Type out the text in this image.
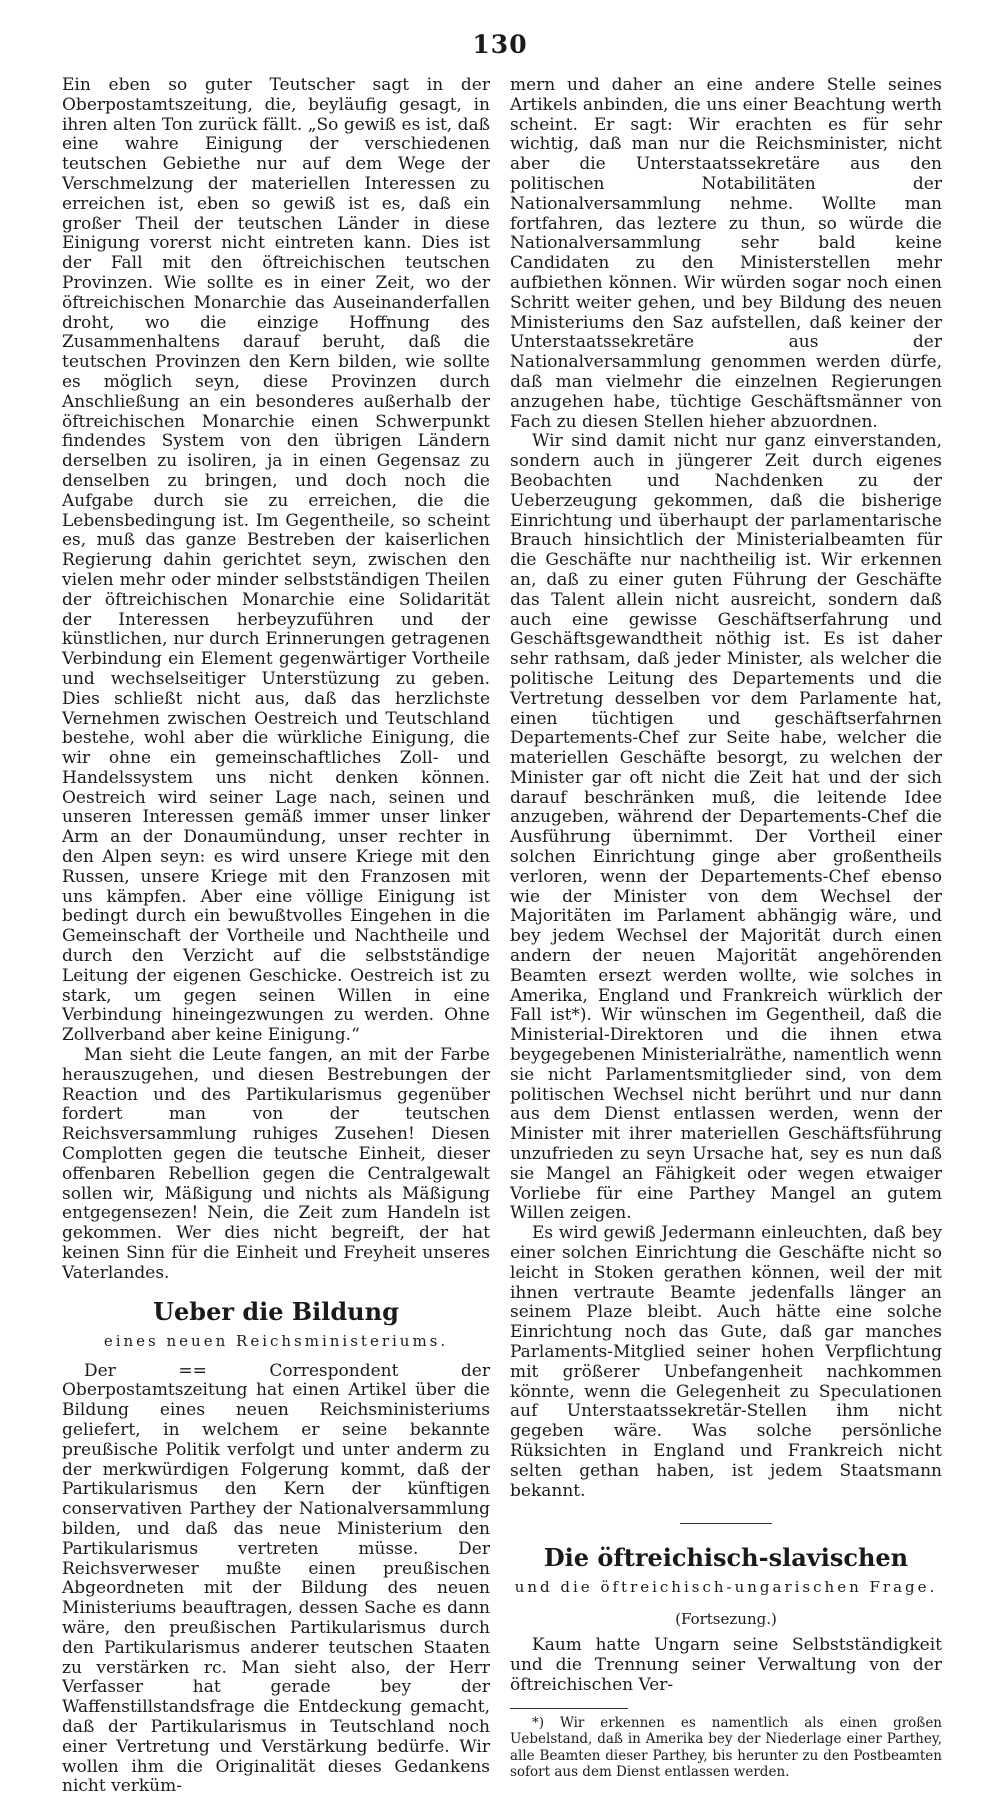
130

Ein eben so guter Teutscher sagt in der Oberpostamtszeitung, die, beyläufig gesagt, in ihren alten Ton zurück fällt. „So gewiß es ist, daß eine wahre Einigung der verschiedenen teutschen Gebiethe nur auf dem Wege der Verschmelzung der materiellen Interessen zu erreichen ist, eben so gewiß ist es, daß ein großer Theil der teutschen Länder in diese Einigung vorerst nicht eintreten kann. Dies ist der Fall mit den öftreichischen teutschen Provinzen. Wie sollte es in einer Zeit, wo der öftreichischen Monarchie das Auseinanderfallen droht, wo die einzige Hoffnung des Zusammenhaltens darauf beruht, daß die teutschen Provinzen den Kern bilden, wie sollte es möglich seyn, diese Provinzen durch Anschließung an ein besonderes außerhalb der öftreichischen Monarchie einen Schwerpunkt findendes System von den übrigen Ländern derselben zu isoliren, ja in einen Gegensaz zu denselben zu bringen, und doch noch die Aufgabe durch sie zu erreichen, die die Lebensbedingung ist. Im Gegentheile, so scheint es, muß das ganze Bestreben der kaiserlichen Regierung dahin gerichtet seyn, zwischen den vielen mehr oder minder selbstständigen Theilen der öftreichischen Monarchie eine Solidarität der Interessen herbeyzuführen und der künstlichen, nur durch Erinnerungen getragenen Verbindung ein Element gegenwärtiger Vortheile und wechselseitiger Unterstüzung zu geben. Dies schließt nicht aus, daß das herzlichste Vernehmen zwischen Oestreich und Teutschland bestehe, wohl aber die würkliche Einigung, die wir ohne ein gemeinschaftliches Zoll- und Handelssystem uns nicht denken können. Oestreich wird seiner Lage nach, seinen und unseren Interessen gemäß immer unser linker Arm an der Donaumündung, unser rechter in den Alpen seyn: es wird unsere Kriege mit den Russen, unsere Kriege mit den Franzosen mit uns kämpfen. Aber eine völlige Einigung ist bedingt durch ein bewußtvolles Eingehen in die Gemeinschaft der Vortheile und Nachtheile und durch den Verzicht auf die selbstständige Leitung der eigenen Geschicke. Oestreich ist zu stark, um gegen seinen Willen in eine Verbindung hineingezwungen zu werden. Ohne Zollverband aber keine Einigung.“

Man sieht die Leute fangen, an mit der Farbe herauszugehen, und diesen Bestrebungen der Reaction und des Partikularismus gegenüber fordert man von der teutschen Reichsversammlung ruhiges Zusehen! Diesen Complotten gegen die teutsche Einheit, dieser offenbaren Rebellion gegen die Centralgewalt sollen wir, Mäßigung und nichts als Mäßigung entgegensezen! Nein, die Zeit zum Handeln ist gekommen. Wer dies nicht begreift, der hat keinen Sinn für die Einheit und Freyheit unseres Vaterlandes.

Ueber die Bildung
eines neuen Reichsministeriums.

Der == Correspondent der Oberpostamtszeitung hat einen Artikel über die Bildung eines neuen Reichsministeriums geliefert, in welchem er seine bekannte preußische Politik verfolgt und unter anderm zu der merkwürdigen Folgerung kommt, daß der Partikularismus den Kern der künftigen conservativen Parthey der Nationalversammlung bilden, und daß das neue Ministerium den Partikularismus vertreten müsse. Der Reichsverweser mußte einen preußischen Abgeordneten mit der Bildung des neuen Ministeriums beauftragen, dessen Sache es dann wäre, den preußischen Partikularismus durch den Partikularismus anderer teutschen Staaten zu verstärken rc. Man sieht also, der Herr Verfasser hat gerade bey der Waffenstillstandsfrage die Entdeckung gemacht, daß der Partikularismus in Teutschland noch einer Vertretung und Verstärkung bedürfe. Wir wollen ihm die Originalität dieses Gedankens nicht verküm-

mern und daher an eine andere Stelle seines Artikels anbinden, die uns einer Beachtung werth scheint. Er sagt: Wir erachten es für sehr wichtig, daß man nur die Reichsminister, nicht aber die Unterstaatssekretäre aus den politischen Notabilitäten der Nationalversammlung nehme. Wollte man fortfahren, das leztere zu thun, so würde die Nationalversammlung sehr bald keine Candidaten zu den Ministerstellen mehr aufbiethen können. Wir würden sogar noch einen Schritt weiter gehen, und bey Bildung des neuen Ministeriums den Saz aufstellen, daß keiner der Unterstaatssekretäre aus der Nationalversammlung genommen werden dürfe, daß man vielmehr die einzelnen Regierungen anzugehen habe, tüchtige Geschäftsmänner von Fach zu diesen Stellen hieher abzuordnen.

Wir sind damit nicht nur ganz einverstanden, sondern auch in jüngerer Zeit durch eigenes Beobachten und Nachdenken zu der Ueberzeugung gekommen, daß die bisherige Einrichtung und überhaupt der parlamentarische Brauch hinsichtlich der Ministerialbeamten für die Geschäfte nur nachtheilig ist. Wir erkennen an, daß zu einer guten Führung der Geschäfte das Talent allein nicht ausreicht, sondern daß auch eine gewisse Geschäftserfahrung und Geschäftsgewandtheit nöthig ist. Es ist daher sehr rathsam, daß jeder Minister, als welcher die politische Leitung des Departements und die Vertretung desselben vor dem Parlamente hat, einen tüchtigen und geschäftserfahrnen Departements-Chef zur Seite habe, welcher die materiellen Geschäfte besorgt, zu welchen der Minister gar oft nicht die Zeit hat und der sich darauf beschränken muß, die leitende Idee anzugeben, während der Departements-Chef die Ausführung übernimmt. Der Vortheil einer solchen Einrichtung ginge aber großentheils verloren, wenn der Departements-Chef ebenso wie der Minister von dem Wechsel der Majoritäten im Parlament abhängig wäre, und bey jedem Wechsel der Majorität durch einen andern der neuen Majorität angehörenden Beamten ersezt werden wollte, wie solches in Amerika, England und Frankreich würklich der Fall ist*). Wir wünschen im Gegentheil, daß die Ministerial-Direktoren und die ihnen etwa beygegebenen Ministerialräthe, namentlich wenn sie nicht Parlamentsmitglieder sind, von dem politischen Wechsel nicht berührt und nur dann aus dem Dienst entlassen werden, wenn der Minister mit ihrer materiellen Geschäftsführung unzufrieden zu seyn Ursache hat, sey es nun daß sie Mangel an Fähigkeit oder wegen etwaiger Vorliebe für eine Parthey Mangel an gutem Willen zeigen.

Es wird gewiß Jedermann einleuchten, daß bey einer solchen Einrichtung die Geschäfte nicht so leicht in Stoken gerathen können, weil der mit ihnen vertraute Beamte jedenfalls länger an seinem Plaze bleibt. Auch hätte eine solche Einrichtung noch das Gute, daß gar manches Parlaments-Mitglied seiner hohen Verpflichtung mit größerer Unbefangenheit nachkommen könnte, wenn die Gelegenheit zu Speculationen auf Unterstaatssekretär-Stellen ihm nicht gegeben wäre. Was solche persönliche Rüksichten in England und Frankreich nicht selten gethan haben, ist jedem Staatsmann bekannt.

Die öftreichisch-slavischen
und die öftreichisch-ungarischen Frage.
(Fortsezung.)

Kaum hatte Ungarn seine Selbstständigkeit und die Trennung seiner Verwaltung von der öftreichischen Ver-

*) Wir erkennen es namentlich als einen großen Uebelstand, daß in Amerika bey der Niederlage einer Parthey, alle Beamten dieser Parthey, bis herunter zu den Postbeamten sofort aus dem Dienst entlassen werden.
